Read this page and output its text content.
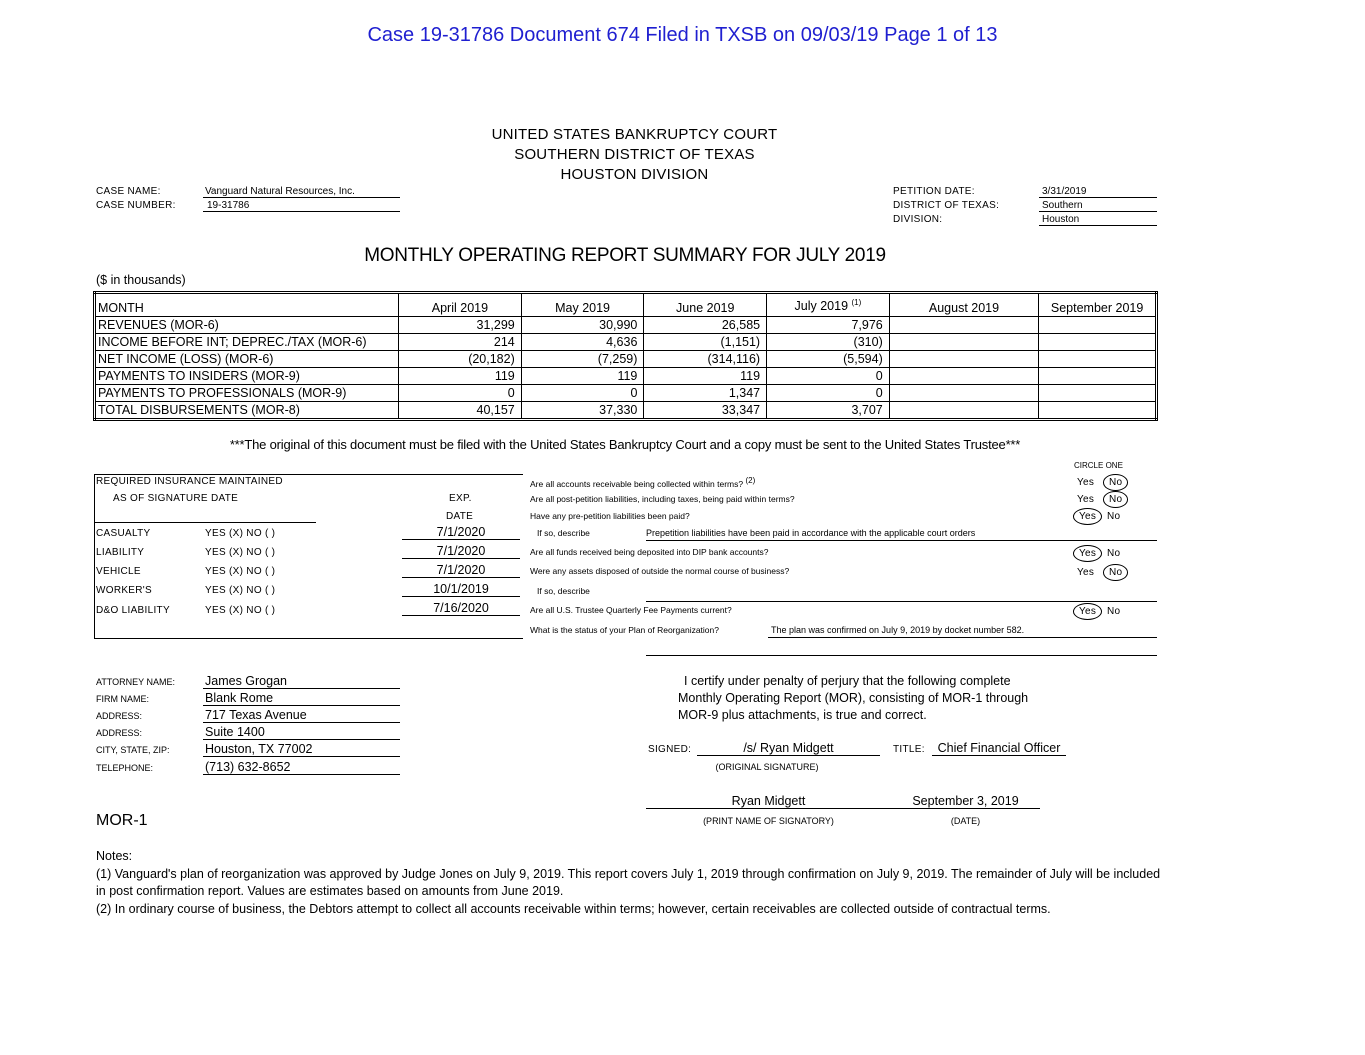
Case 19-31786 Document 674 Filed in TXSB on 09/03/19 Page 1 of 13
UNITED STATES BANKRUPTCY COURT
SOUTHERN DISTRICT OF TEXAS
HOUSTON DIVISION
CASE NAME:	Vanguard Natural Resources, Inc.
CASE NUMBER:	19-31786
PETITION DATE:	3/31/2019
DISTRICT OF TEXAS:	Southern
DIVISION:	Houston
MONTHLY OPERATING REPORT SUMMARY FOR JULY 2019
($ in thousands)
MONTH	April 2019	May 2019	June 2019	July 2019 $^{(1)}$	August 2019	September 2019
REVENUES (MOR-6)	31,299	30,990	26,585	7,976		
INCOME BEFORE INT; DEPREC./TAX (MOR-6)	214	4,636	(1,151)	(310)		
NET INCOME (LOSS) (MOR-6)	(20,182)	(7,259)	(314,116)	(5,594)		
PAYMENTS TO INSIDERS (MOR-9)	119	119	119	0		
PAYMENTS TO PROFESSIONALS (MOR-9)	0	0	1,347	0		
TOTAL DISBURSEMENTS (MOR-8)	40,157	37,330	33,347	3,707		
***The original of this document must be filed with the United States Bankruptcy Court and a copy must be sent to the United States Trustee***
CIRCLE ONE
REQUIRED INSURANCE MAINTAINED
AS OF SIGNATURE DATE	EXP.
DATE
CASUALTY	YES (X) NO ( )	7/1/2020
LIABILITY	YES (X) NO ( )	7/1/2020
VEHICLE	YES (X) NO ( )	7/1/2020
WORKER'S	YES (X) NO ( )	10/1/2019
D&O LIABILITY	YES (X) NO ( )	7/16/2020
Are all accounts receivable being collected within terms? $^{(2)}$	Yes No
Are all post-petition liabilities, including taxes, being paid within terms?	Yes No
Have any pre-petition liabilities been paid?	Yes No
If so, describe	Prepetition liabilities have been paid in accordance with the applicable court orders
Are all funds received being deposited into DIP bank accounts?	Yes No
Were any assets disposed of outside the normal course of business?	Yes No
If so, describe
Are all U.S. Trustee Quarterly Fee Payments current?	Yes No
What is the status of your Plan of Reorganization?	The plan was confirmed on July 9, 2019 by docket number 582.
ATTORNEY NAME: James Grogan
FIRM NAME:	Blank Rome
ADDRESS:	717 Texas Avenue
ADDRESS:	Suite 1400
CITY, STATE, ZIP:	Houston, TX 77002
TELEPHONE:	(713) 632-8652
I certify under penalty of perjury that the following complete
Monthly Operating Report (MOR), consisting of MOR-1 through
MOR-9 plus attachments, is true and correct.
SIGNED:	/s/ Ryan Midgett	TITLE:	Chief Financial Officer
(ORIGINAL SIGNATURE)
Ryan Midgett	September 3, 2019
(PRINT NAME OF SIGNATORY)	(DATE)
MOR-1
Notes:
(1) Vanguard's plan of reorganization was approved by Judge Jones on July 9, 2019. This report covers July 1, 2019 through confirmation on July 9, 2019. The remainder of July will be included
in post confirmation report. Values are estimates based on amounts from June 2019.
(2) In ordinary course of business, the Debtors attempt to collect all accounts receivable within terms; however, certain receivables are collected outside of contractual terms.
